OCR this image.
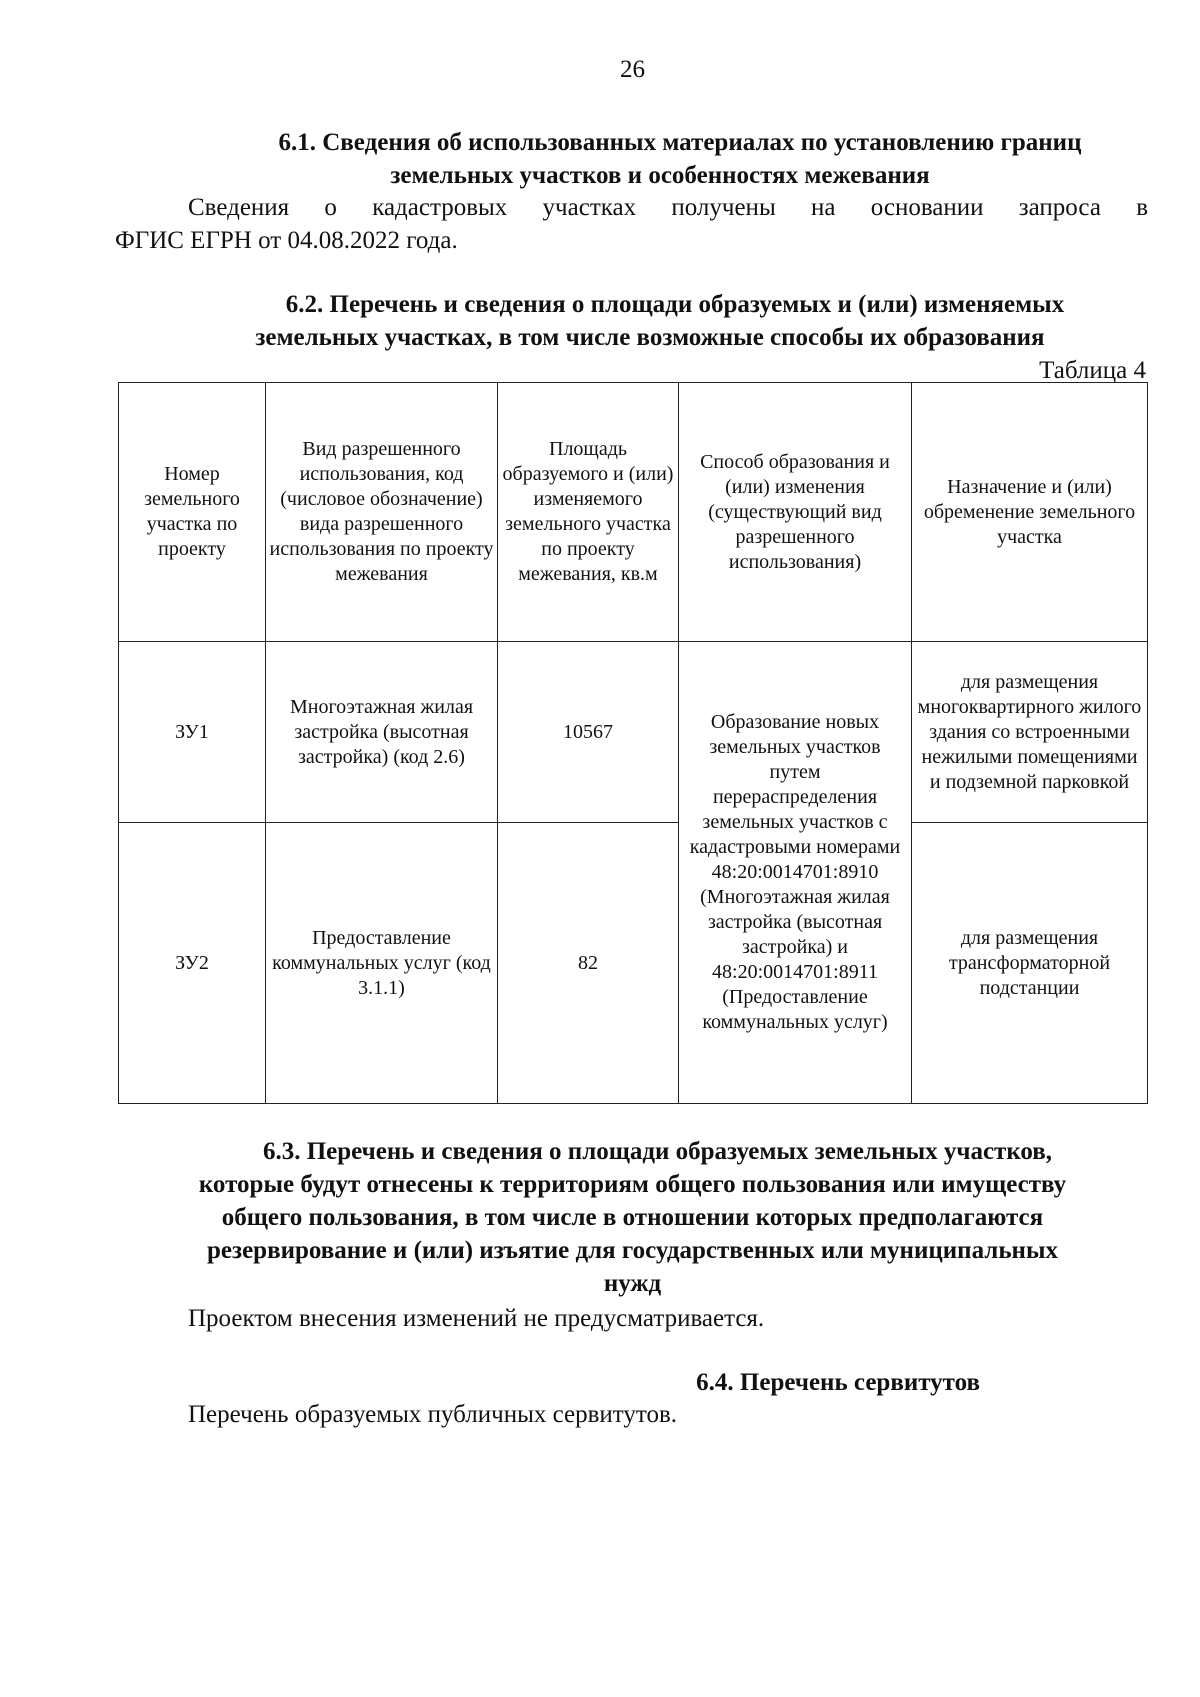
26
6.1. Сведения об использованных материалах по установлению границ
земельных участков и особенностях межевания
Сведения о кадастровых участках получены на основании запроса в
ФГИС ЕГРН от 04.08.2022 года.
6.2. Перечень и сведения о площади образуемых и (или) изменяемых
земельных участках, в том числе возможные способы их образования
Таблица 4
Номер земельного участка по проекту	Вид разрешенного использования, код (числовое обозначение) вида разрешенного использования по проекту межевания	Площадь образуемого и (или) изменяемого земельного участка по проекту межевания, кв.м	Способ образования и (или) изменения (существующий вид разрешенного использования)	Назначение и (или) обременение земельного участка
ЗУ1	Многоэтажная жилая застройка (высотная застройка) (код 2.6)	10567	Образование новых земельных участков путем перераспределения земельных участков с кадастровыми номерами 48:20:0014701:8910 (Многоэтажная жилая застройка (высотная застройка) и 48:20:0014701:8911 (Предоставление коммунальных услуг)	для размещения многоквартирного жилого здания со встроенными нежилыми помещениями и подземной парковкой
ЗУ2	Предоставление коммунальных услуг (код 3.1.1)	82		для размещения трансформаторной подстанции
6.3. Перечень и сведения о площади образуемых земельных участков,
которые будут отнесены к территориям общего пользования или имуществу
общего пользования, в том числе в отношении которых предполагаются
резервирование и (или) изъятие для государственных или муниципальных
нужд
Проектом внесения изменений не предусматривается.
6.4. Перечень сервитутов
Перечень образуемых публичных сервитутов.
